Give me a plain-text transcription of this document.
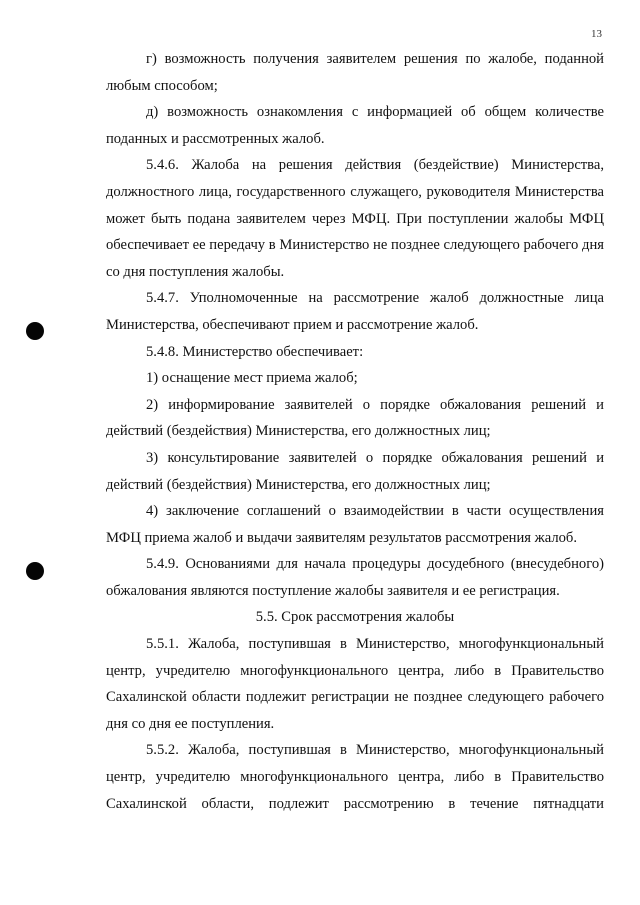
13

г) возможность получения заявителем решения по жалобе, поданной любым способом;

д) возможность ознакомления с информацией об общем количестве поданных и рассмотренных жалоб.

5.4.6. Жалоба на решения действия (бездействие) Министерства, должностного лица, государственного служащего, руководителя Министерства может быть подана заявителем через МФЦ. При поступлении жалобы МФЦ обеспечивает ее передачу в Министерство не позднее следующего рабочего дня со дня поступления жалобы.

5.4.7. Уполномоченные на рассмотрение жалоб должностные лица Министерства, обеспечивают прием и рассмотрение жалоб.

5.4.8. Министерство обеспечивает:

1) оснащение мест приема жалоб;

2) информирование заявителей о порядке обжалования решений и действий (бездействия) Министерства, его должностных лиц;

3) консультирование заявителей о порядке обжалования решений и действий (бездействия) Министерства, его должностных лиц;

4) заключение соглашений о взаимодействии в части осуществления МФЦ приема жалоб и выдачи заявителям результатов рассмотрения жалоб.

5.4.9. Основаниями для начала процедуры досудебного (внесудебного) обжалования являются поступление жалобы заявителя и ее регистрация.

5.5. Срок рассмотрения жалобы

5.5.1. Жалоба, поступившая в Министерство, многофункциональный центр, учредителю многофункционального центра, либо в Правительство Сахалинской области подлежит регистрации не позднее следующего рабочего дня со дня ее поступления.

5.5.2. Жалоба, поступившая в Министерство, многофункциональный центр, учредителю многофункционального центра, либо в Правительство Сахалинской области, подлежит рассмотрению в течение пятнадцати
